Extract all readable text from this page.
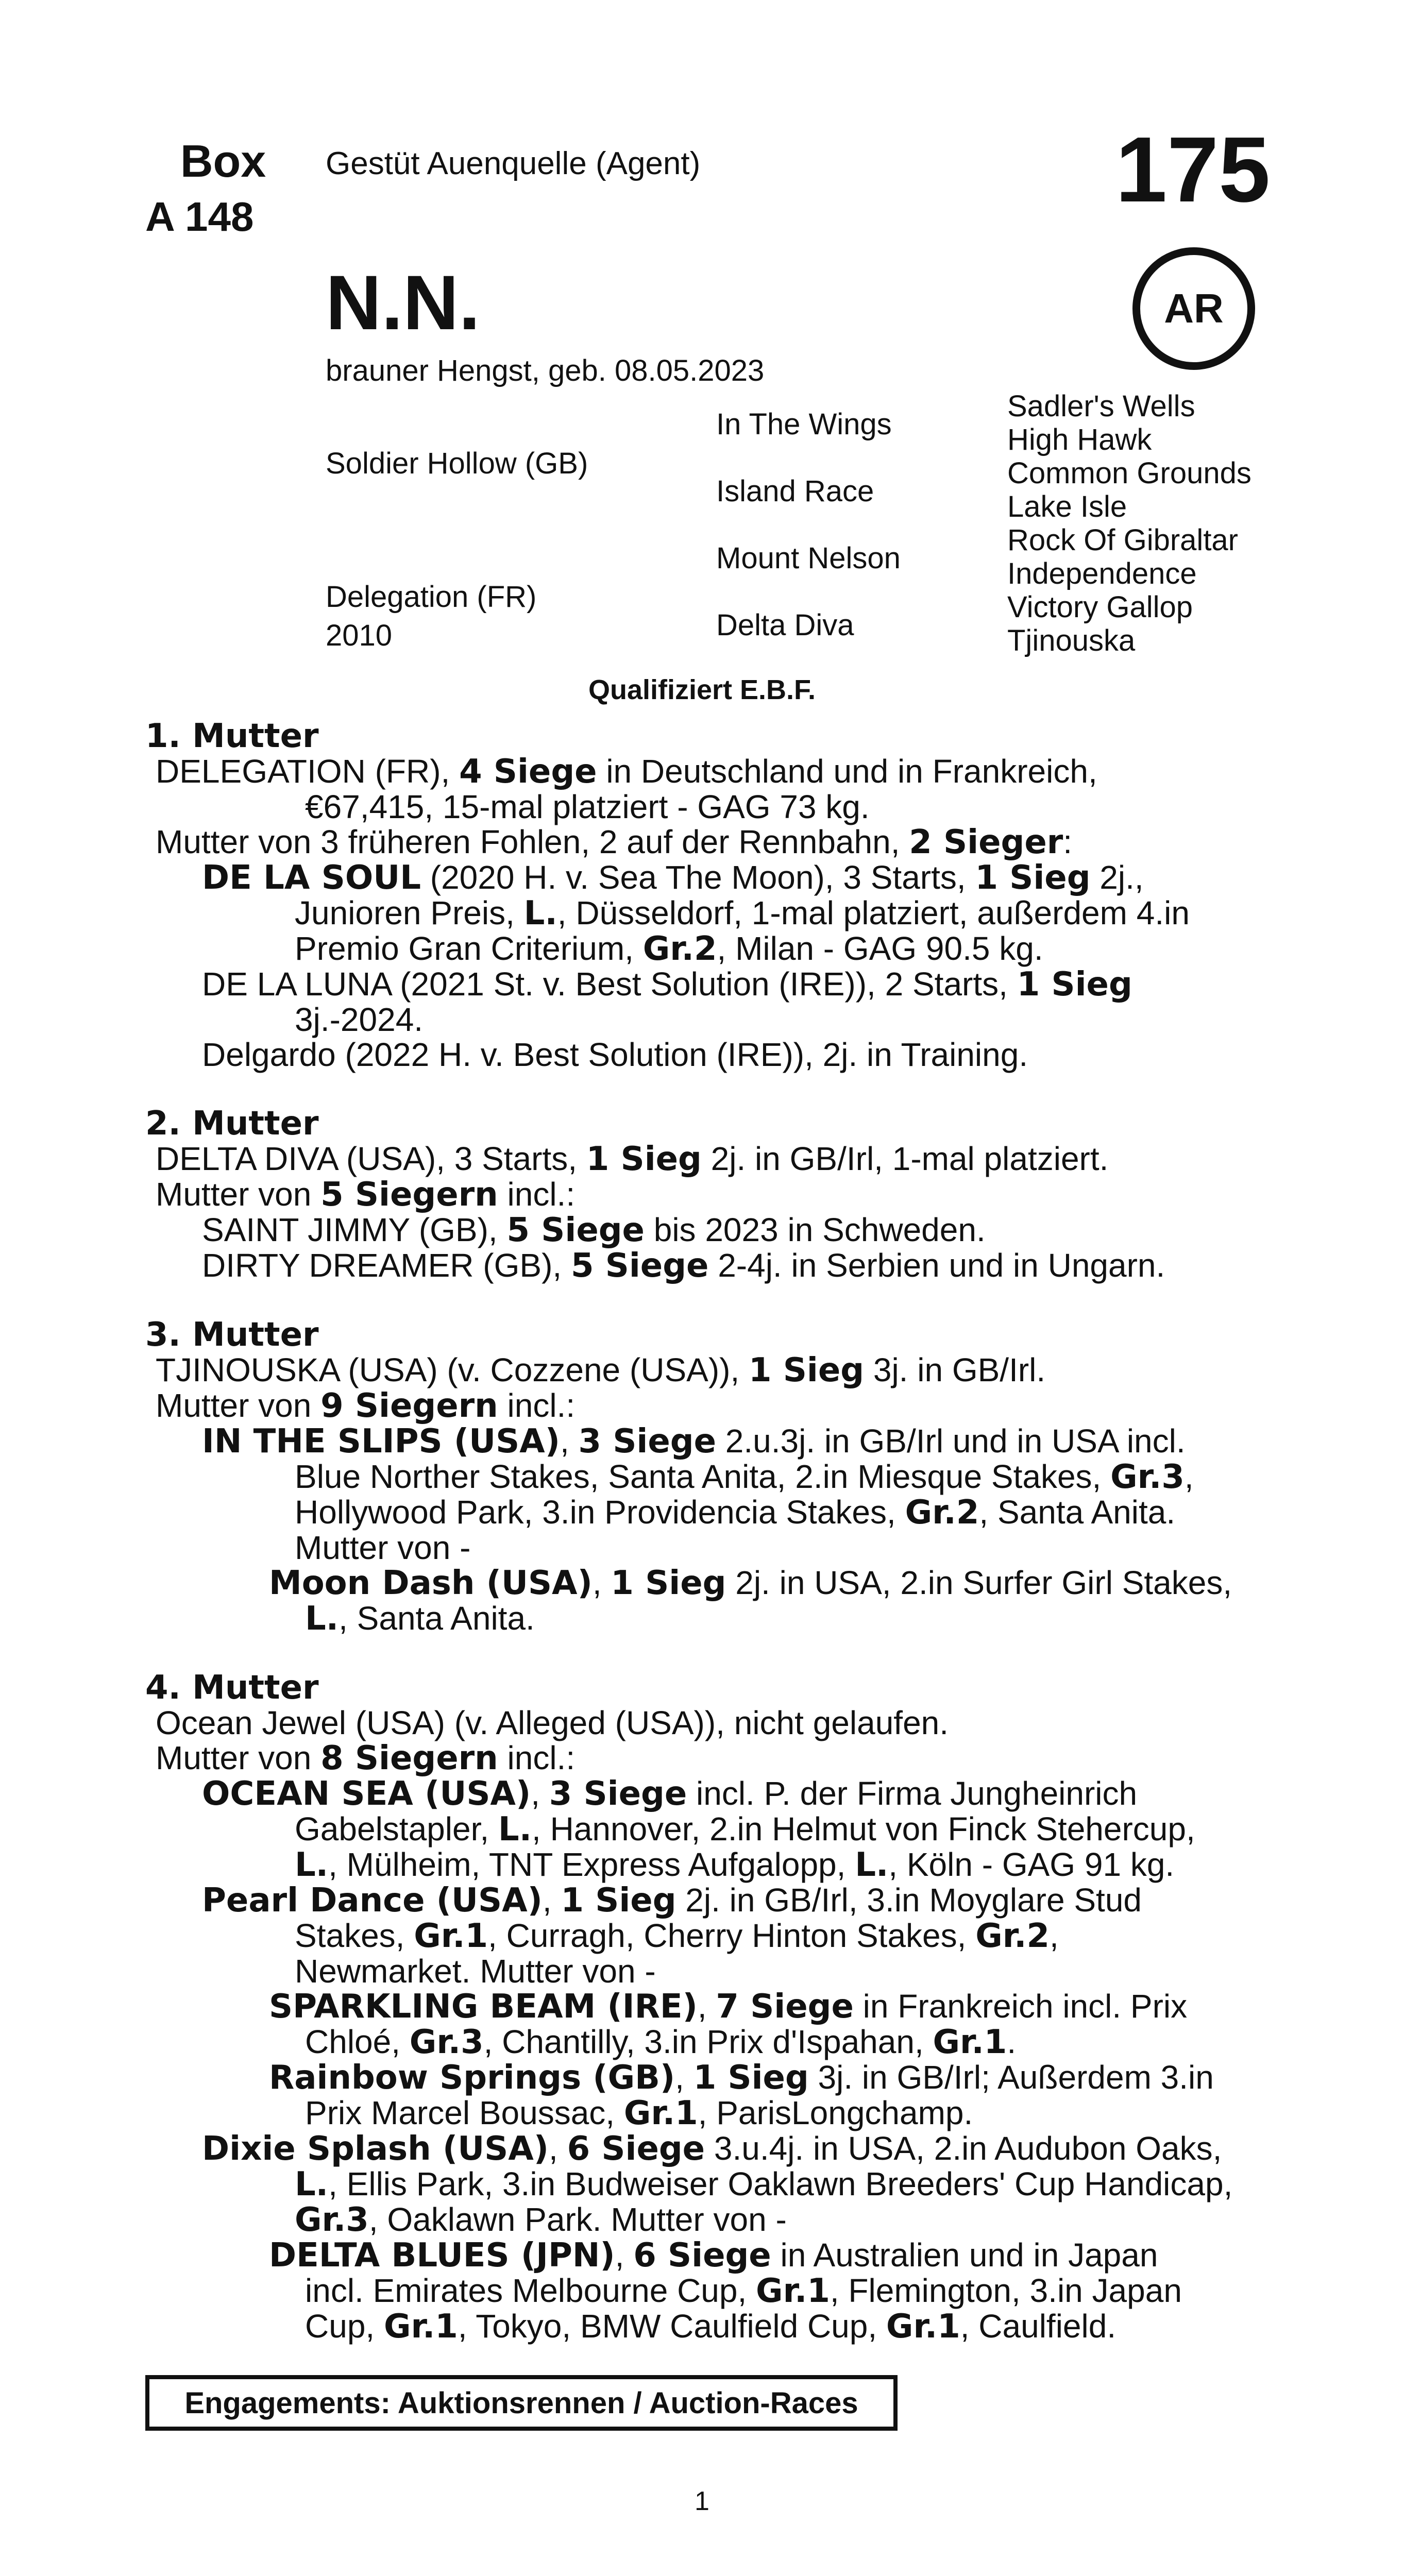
Box
A 148
Gestüt Auenquelle (Agent)	175
AR
N.N.
brauner Hengst, geb. 08.05.2023
Soldier Hollow (GB)
Delegation (FR)
2010
In The Wings
Island Race
Mount Nelson
Delta Diva
Sadler's Wells
High Hawk
Common Grounds
Lake Isle
Rock Of Gibraltar
Independence
Victory Gallop
Tjinouska
Qualifiziert E.B.F.
1. Mutter
DELEGATION (FR), 4 Siege in Deutschland und in Frankreich,
€67,415, 15-mal platziert - GAG 73 kg.
Mutter von 3 früheren Fohlen, 2 auf der Rennbahn, 2 Sieger:
DE LA SOUL (2020 H. v. Sea The Moon), 3 Starts, 1 Sieg 2j.,
Junioren Preis, L., Düsseldorf, 1-mal platziert, außerdem 4.in
Premio Gran Criterium, Gr.2, Milan - GAG 90.5 kg.
DE LA LUNA (2021 St. v. Best Solution (IRE)), 2 Starts, 1 Sieg
3j.-2024.
Delgardo (2022 H. v. Best Solution (IRE)), 2j. in Training.
2. Mutter
DELTA DIVA (USA), 3 Starts, 1 Sieg 2j. in GB/Irl, 1-mal platziert.
Mutter von 5 Siegern incl.:
SAINT JIMMY (GB), 5 Siege bis 2023 in Schweden.
DIRTY DREAMER (GB), 5 Siege 2-4j. in Serbien und in Ungarn.
3. Mutter
TJINOUSKA (USA) (v. Cozzene (USA)), 1 Sieg 3j. in GB/Irl.
Mutter von 9 Siegern incl.:
IN THE SLIPS (USA), 3 Siege 2.u.3j. in GB/Irl und in USA incl.
Blue Norther Stakes, Santa Anita, 2.in Miesque Stakes, Gr.3,
Hollywood Park, 3.in Providencia Stakes, Gr.2, Santa Anita.
Mutter von -
Moon Dash (USA), 1 Sieg 2j. in USA, 2.in Surfer Girl Stakes,
L., Santa Anita.
4. Mutter
Ocean Jewel (USA) (v. Alleged (USA)), nicht gelaufen.
Mutter von 8 Siegern incl.:
OCEAN SEA (USA), 3 Siege incl. P. der Firma Jungheinrich
Gabelstapler, L., Hannover, 2.in Helmut von Finck Stehercup,
L., Mülheim, TNT Express Aufgalopp, L., Köln - GAG 91 kg.
Pearl Dance (USA), 1 Sieg 2j. in GB/Irl, 3.in Moyglare Stud
Stakes, Gr.1, Curragh, Cherry Hinton Stakes, Gr.2,
Newmarket. Mutter von -
SPARKLING BEAM (IRE), 7 Siege in Frankreich incl. Prix
Chloé, Gr.3, Chantilly, 3.in Prix d'Ispahan, Gr.1.
Rainbow Springs (GB), 1 Sieg 3j. in GB/Irl; Außerdem 3.in
Prix Marcel Boussac, Gr.1, ParisLongchamp.
Dixie Splash (USA), 6 Siege 3.u.4j. in USA, 2.in Audubon Oaks,
L., Ellis Park, 3.in Budweiser Oaklawn Breeders' Cup Handicap,
Gr.3, Oaklawn Park. Mutter von -
DELTA BLUES (JPN), 6 Siege in Australien und in Japan
incl. Emirates Melbourne Cup, Gr.1, Flemington, 3.in Japan
Cup, Gr.1, Tokyo, BMW Caulfield Cup, Gr.1, Caulfield.
Engagements: Auktionsrennen / Auction-Races
1
